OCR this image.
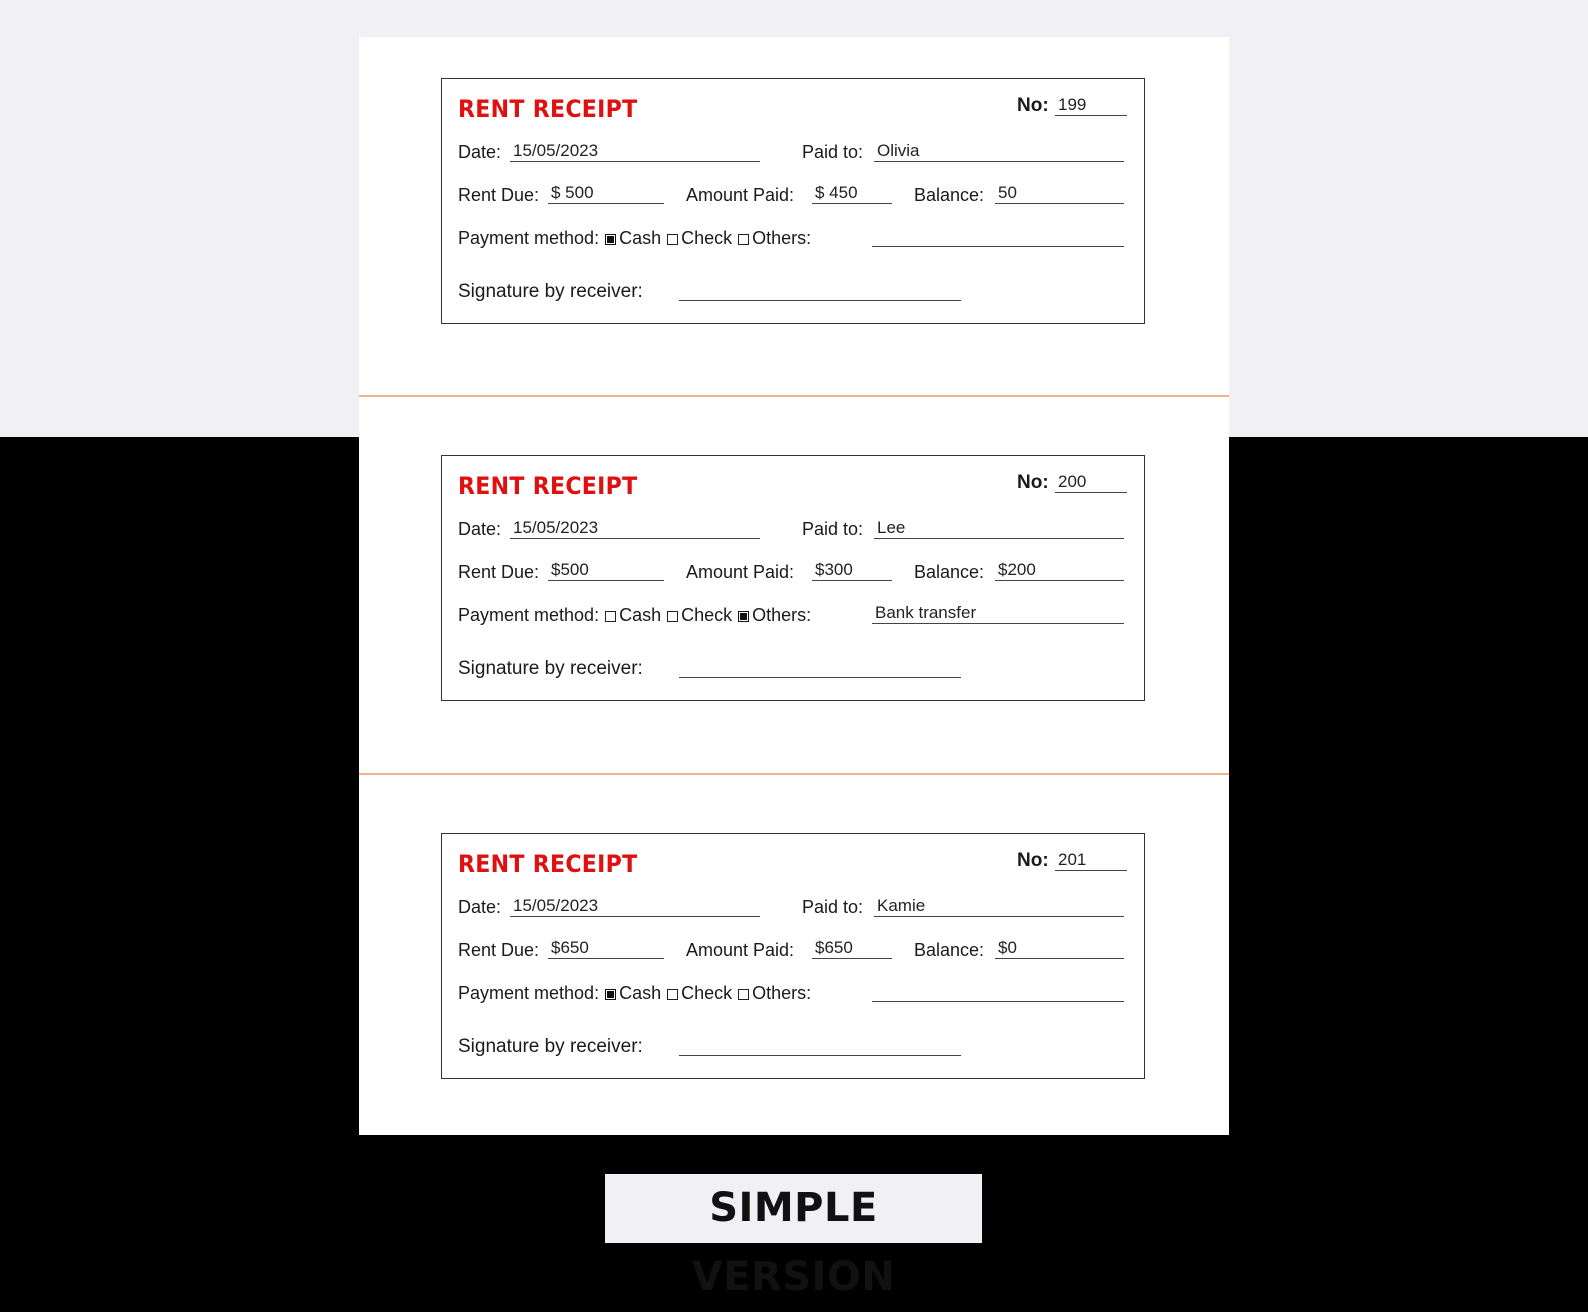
RENT RECEIPT	No: 199
Date: 15/05/2023	Paid to: Olivia
Rent Due: $ 500	Amount Paid: $ 450	Balance: 50
Payment method: Cash Check Others:
Signature by receiver:
RENT RECEIPT	No: 200
Date: 15/05/2023	Paid to: Lee
Rent Due: $500	Amount Paid: $300	Balance: $200
Payment method: Cash Check Others:	Bank transfer
Signature by receiver:
RENT RECEIPT	No: 201
Date: 15/05/2023	Paid to: Kamie
Rent Due: $650	Amount Paid: $650	Balance: $0
Payment method: Cash Check Others:
Signature by receiver:
SIMPLE VERSION
